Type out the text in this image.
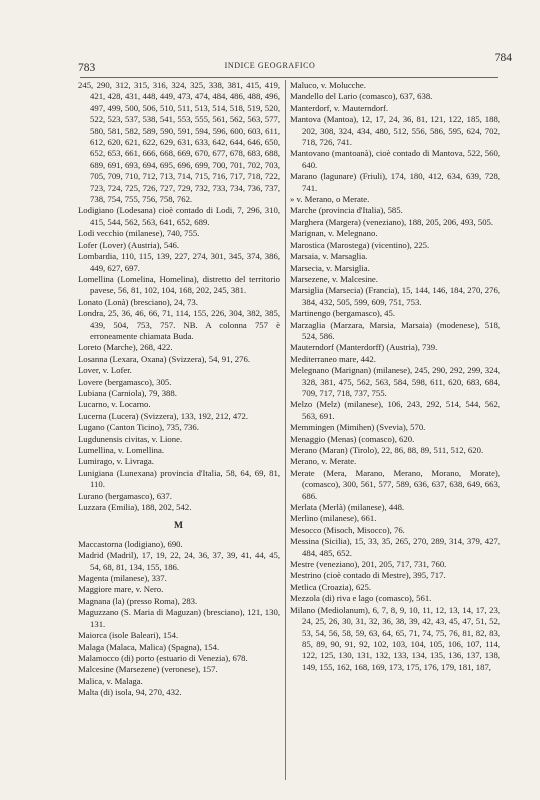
783	INDICE GEOGRAFICO
784
245, 290, 312, 315, 316, 324, 325, 338, 381, 415, 419, 421, 428, 431, 448, 449, 473, 474, 484, 486, 488, 496, 497, 499, 500, 506, 510, 511, 513, 514, 518, 519, 520, 522, 523, 537, 538, 541, 553, 555, 561, 562, 563, 577, 580, 581, 582, 589, 590, 591, 594, 596, 600, 603, 611, 612, 620, 621, 622, 629, 631, 633, 642, 644, 646, 650, 652, 653, 661, 666, 668, 669, 670, 677, 678, 683, 688, 689, 691, 693, 694, 695, 696, 699, 700, 701, 702, 703, 705, 709, 710, 712, 713, 714, 715, 716, 717, 718, 722, 723, 724, 725, 726, 727, 729, 732, 733, 734, 736, 737, 738, 754, 755, 756, 758, 762.
Lodigiano (Lodesana) cioè contado di Lodi, 7, 296, 310, 415, 544, 562, 563, 641, 652, 689.
Lodi vecchio (milanese), 740, 755.
Lofer (Lover) (Austria), 546.
Lombardia, 110, 115, 139, 227, 274, 301, 345, 374, 386, 449, 627, 697.
Lomellina (Lomelina, Homelina), distretto del territorio pavese, 56, 81, 102, 104, 168, 202, 245, 381.
Lonato (Lonà) (bresciano), 24, 73.
Londra, 25, 36, 46, 66, 71, 114, 155, 226, 304, 382, 385, 439, 504, 753, 757. NB. A colonna 757 è erroneamente chiamata Buda.
Loreto (Marche), 268, 422.
Losanna (Lexara, Oxana) (Svizzera), 54, 91, 276.
Lover, v. Lofer.
Lovere (bergamasco), 305.
Lubiana (Carniola), 79, 388.
Lucarno, v. Locarno.
Lucerna (Lucera) (Svizzera), 133, 192, 212, 472.
Lugano (Canton Ticino), 735, 736.
Lugdunensis civitas, v. Lione.
Lumellina, v. Lomellina.
Lumirago, v. Livraga.
Lunigiana (Lunexana) provincia d'Italia, 58, 64, 69, 81, 110.
Lurano (bergamasco), 637.
Luzzara (Emilia), 188, 202, 542.
M
Maccastorna (lodigiano), 690.
Madrid (Madril), 17, 19, 22, 24, 36, 37, 39, 41, 44, 45, 54, 68, 81, 134, 155, 186.
Magenta (milanese), 337.
Maggiore mare, v. Nero.
Magnana (la) (presso Roma), 283.
Maguzzano (S. Maria di Maguzan) (bresciano), 121, 130, 131.
Maiorca (isole Baleari), 154.
Malaga (Malaca, Malica) (Spagna), 154.
Malamocco (di) porto (estuario di Venezia), 678.
Malcesine (Marsezene) (veronese), 157.
Malica, v. Malaga.
Malta (di) isola, 94, 270, 432.
Maluco, v. Molucche.
Mandello del Lario (comasco), 637, 638.
Manterdorf, v. Mauterndorf.
Mantova (Mantoa), 12, 17, 24, 36, 81, 121, 122, 185, 188, 202, 308, 324, 434, 480, 512, 556, 586, 595, 624, 702, 718, 726, 741.
Mantovano (mantoanà), cioè contado di Mantova, 522, 560, 640.
Marano (lagunare) (Friuli), 174, 180, 412, 634, 639, 728, 741.
» v. Merano, o Merate.
Marche (provincia d'Italia), 585.
Marghera (Margera) (veneziano), 188, 205, 206, 493, 505.
Marignan, v. Melegnano.
Marostica (Marostega) (vicentino), 225.
Marsaia, v. Marsaglia.
Marsecia, v. Marsiglia.
Marsezene, v. Malcesine.
Marsiglia (Marsecia) (Francia), 15, 144, 146, 184, 270, 276, 384, 432, 505, 599, 609, 751, 753.
Martinengo (bergamasco), 45.
Marzaglia (Marzara, Marsia, Marsaia) (modenese), 518, 524, 586.
Mauterndorf (Manterdorff) (Austria), 739.
Mediterraneo mare, 442.
Melegnano (Marignan) (milanese), 245, 290, 292, 299, 324, 328, 381, 475, 562, 563, 584, 598, 611, 620, 683, 684, 709, 717, 718, 737, 755.
Melzo (Melz) (milanese), 106, 243, 292, 514, 544, 562, 563, 691.
Memmingen (Mimihen) (Svevia), 570.
Menaggio (Menas) (comasco), 620.
Merano (Maran) (Tirolo), 22, 86, 88, 89, 511, 512, 620.
Merano, v. Merate.
Merate (Mera, Marano, Merano, Morano, Morate), (comasco), 300, 561, 577, 589, 636, 637, 638, 649, 663, 686.
Merlata (Merlà) (milanese), 448.
Merlino (milanese), 661.
Mesocco (Misoch, Misocco), 76.
Messina (Sicilia), 15, 33, 35, 265, 270, 289, 314, 379, 427, 484, 485, 652.
Mestre (veneziano), 201, 205, 717, 731, 760.
Mestrino (cioè contado di Mestre), 395, 717.
Metlica (Croazia), 625.
Mezzola (di) riva e lago (comasco), 561.
Milano (Mediolanum), 6, 7, 8, 9, 10, 11, 12, 13, 14, 17, 23, 24, 25, 26, 30, 31, 32, 36, 38, 39, 42, 43, 45, 47, 51, 52, 53, 54, 56, 58, 59, 63, 64, 65, 71, 74, 75, 76, 81, 82, 83, 85, 89, 90, 91, 92, 102, 103, 104, 105, 106, 107, 114, 122, 125, 130, 131, 132, 133, 134, 135, 136, 137, 138, 149, 155, 162, 168, 169, 173, 175, 176, 179, 181, 187,
